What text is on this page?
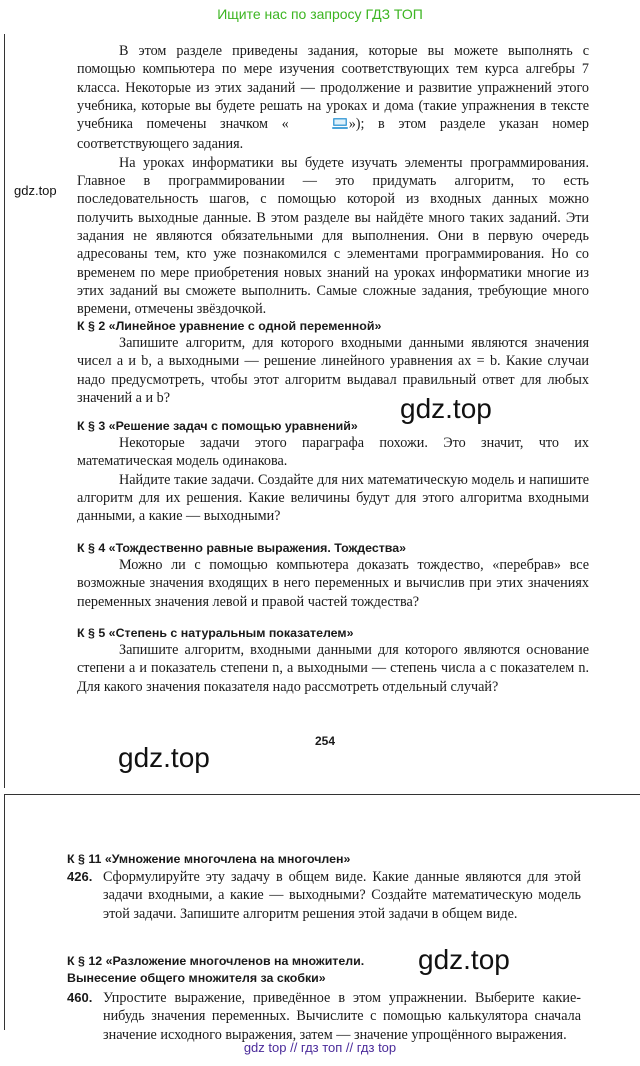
Ищите нас по запросу ГДЗ ТОП

В этом разделе приведены задания, которые вы можете выполнять с помощью компьютера по мере изучения соответствующих тем курса алгебры 7 класса. Некоторые из этих заданий — продолжение и развитие упражнений этого учебника, которые вы будете решать на уроках и дома (такие упражнения в тексте учебника помечены значком «	»); в этом разделе указан номер соответствующего задания.

На уроках информатики вы будете изучать элементы программирования. Главное в программировании — это придумать алгоритм, то есть последовательность шагов, с помощью которой из входных данных можно получить выходные данные. В этом разделе вы найдёте много таких заданий. Эти задания не являются обязательными для выполнения. Они в первую очередь адресованы тем, кто уже познакомился с элементами программирования. Но со временем по мере приобретения новых знаний на уроках информатики многие из этих заданий вы сможете выполнить. Самые сложные задания, требующие много времени, отмечены звёздочкой.

К § 2 «Линейное уравнение с одной переменной»

Запишите алгоритм, для которого входными данными являются значения чисел a и b, а выходными — решение линейного уравнения ax = b. Какие случаи надо предусмотреть, чтобы этот алгоритм выдавал правильный ответ для любых значений a и b?

К § 3 «Решение задач с помощью уравнений»

Некоторые задачи этого параграфа похожи. Это значит, что их математическая модель одинакова.

Найдите такие задачи. Создайте для них математическую модель и напишите алгоритм для их решения. Какие величины будут для этого алгоритма входными данными, а какие — выходными?

К § 4 «Тождественно равные выражения. Тождества»

Можно ли с помощью компьютера доказать тождество, «перебрав» все возможные значения входящих в него переменных и вычислив при этих значениях переменных значения левой и правой частей тождества?

К § 5 «Степень с натуральным показателем»

Запишите алгоритм, входными данными для которого являются основание степени a и показатель степени n, а выходными — степень числа a с показателем n. Для какого значения показателя надо рассмотреть отдельный случай?

254
gdz.top
gdz.top
gdz.top
К § 11 «Умножение многочлена на многочлен»
426. Сформулируйте эту задачу в общем виде. Какие данные являются для этой задачи входными, а какие — выходными? Создайте математическую модель этой задачи. Запишите алгоритм решения этой задачи в общем виде.

К § 12 «Разложение многочленов на множители.
Вынесение общего множителя за скобки»
460. Упростите выражение, приведённое в этом упражнении. Выберите какие-нибудь значения переменных. Вычислите с помощью калькулятора сначала значение исходного выражения, затем — значение упрощённого выражения.

gdz.top
gdz top // гдз топ // гдз top
